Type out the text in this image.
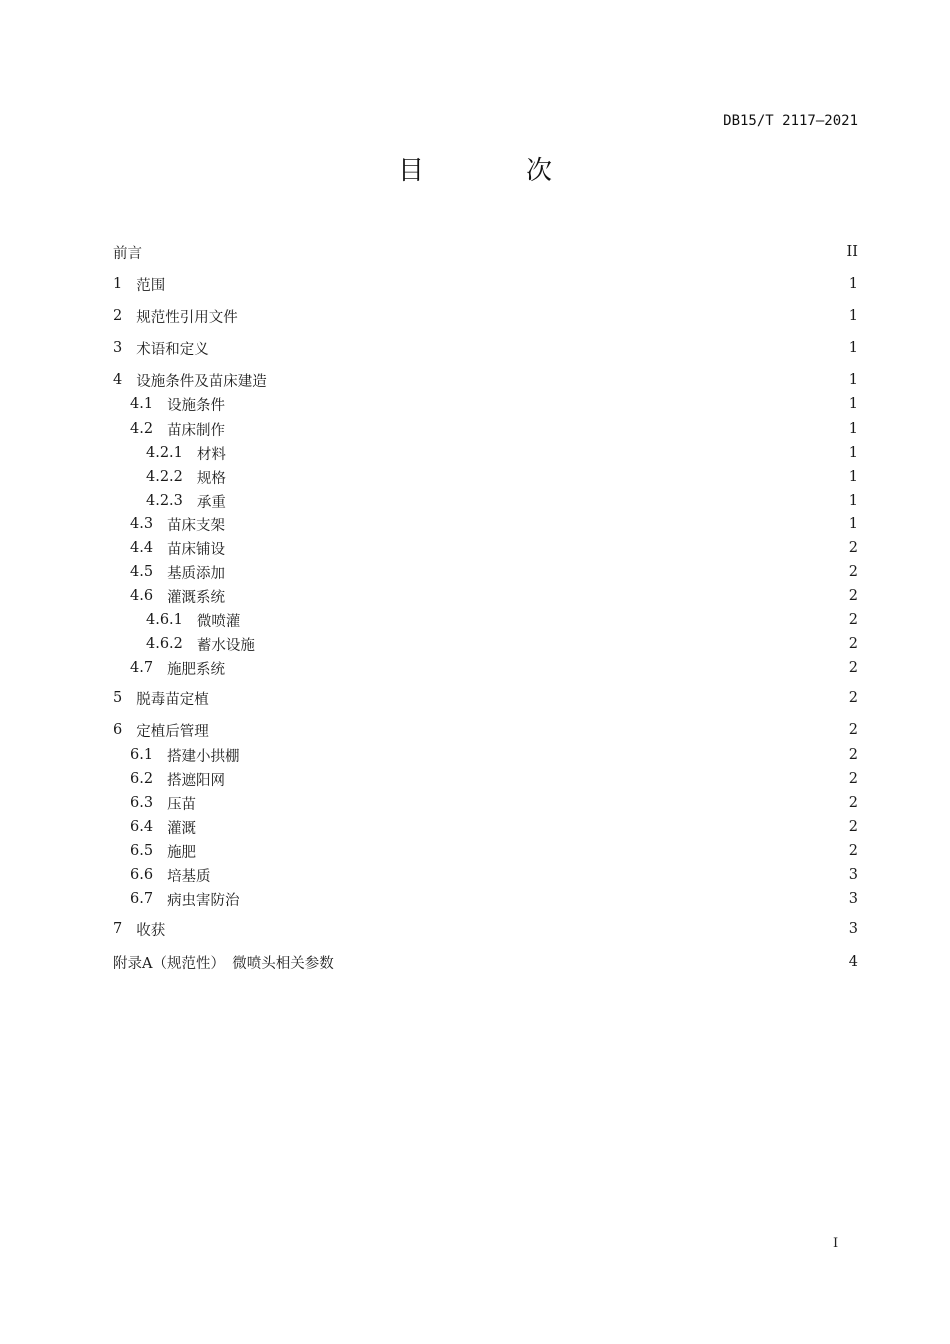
DB15/T 2117—2021
目　次
前言	II
1 范围	1
2 规范性引用文件	1
3 术语和定义	1
4 设施条件及苗床建造	1
4.1 设施条件	1
4.2 苗床制作	1
4.2.1 材料	1
4.2.2 规格	1
4.2.3 承重	1
4.3 苗床支架	1
4.4 苗床铺设	2
4.5 基质添加	2
4.6 灌溉系统	2
4.6.1 微喷灌	2
4.6.2 蓄水设施	2
4.7 施肥系统	2
5 脱毒苗定植	2
6 定植后管理	2
6.1 搭建小拱棚	2
6.2 搭遮阳网	2
6.3 压苗	2
6.4 灌溉	2
6.5 施肥	2
6.6 培基质	3
6.7 病虫害防治	3
7 收获	3
附录A（规范性）　微喷头相关参数	4
I
